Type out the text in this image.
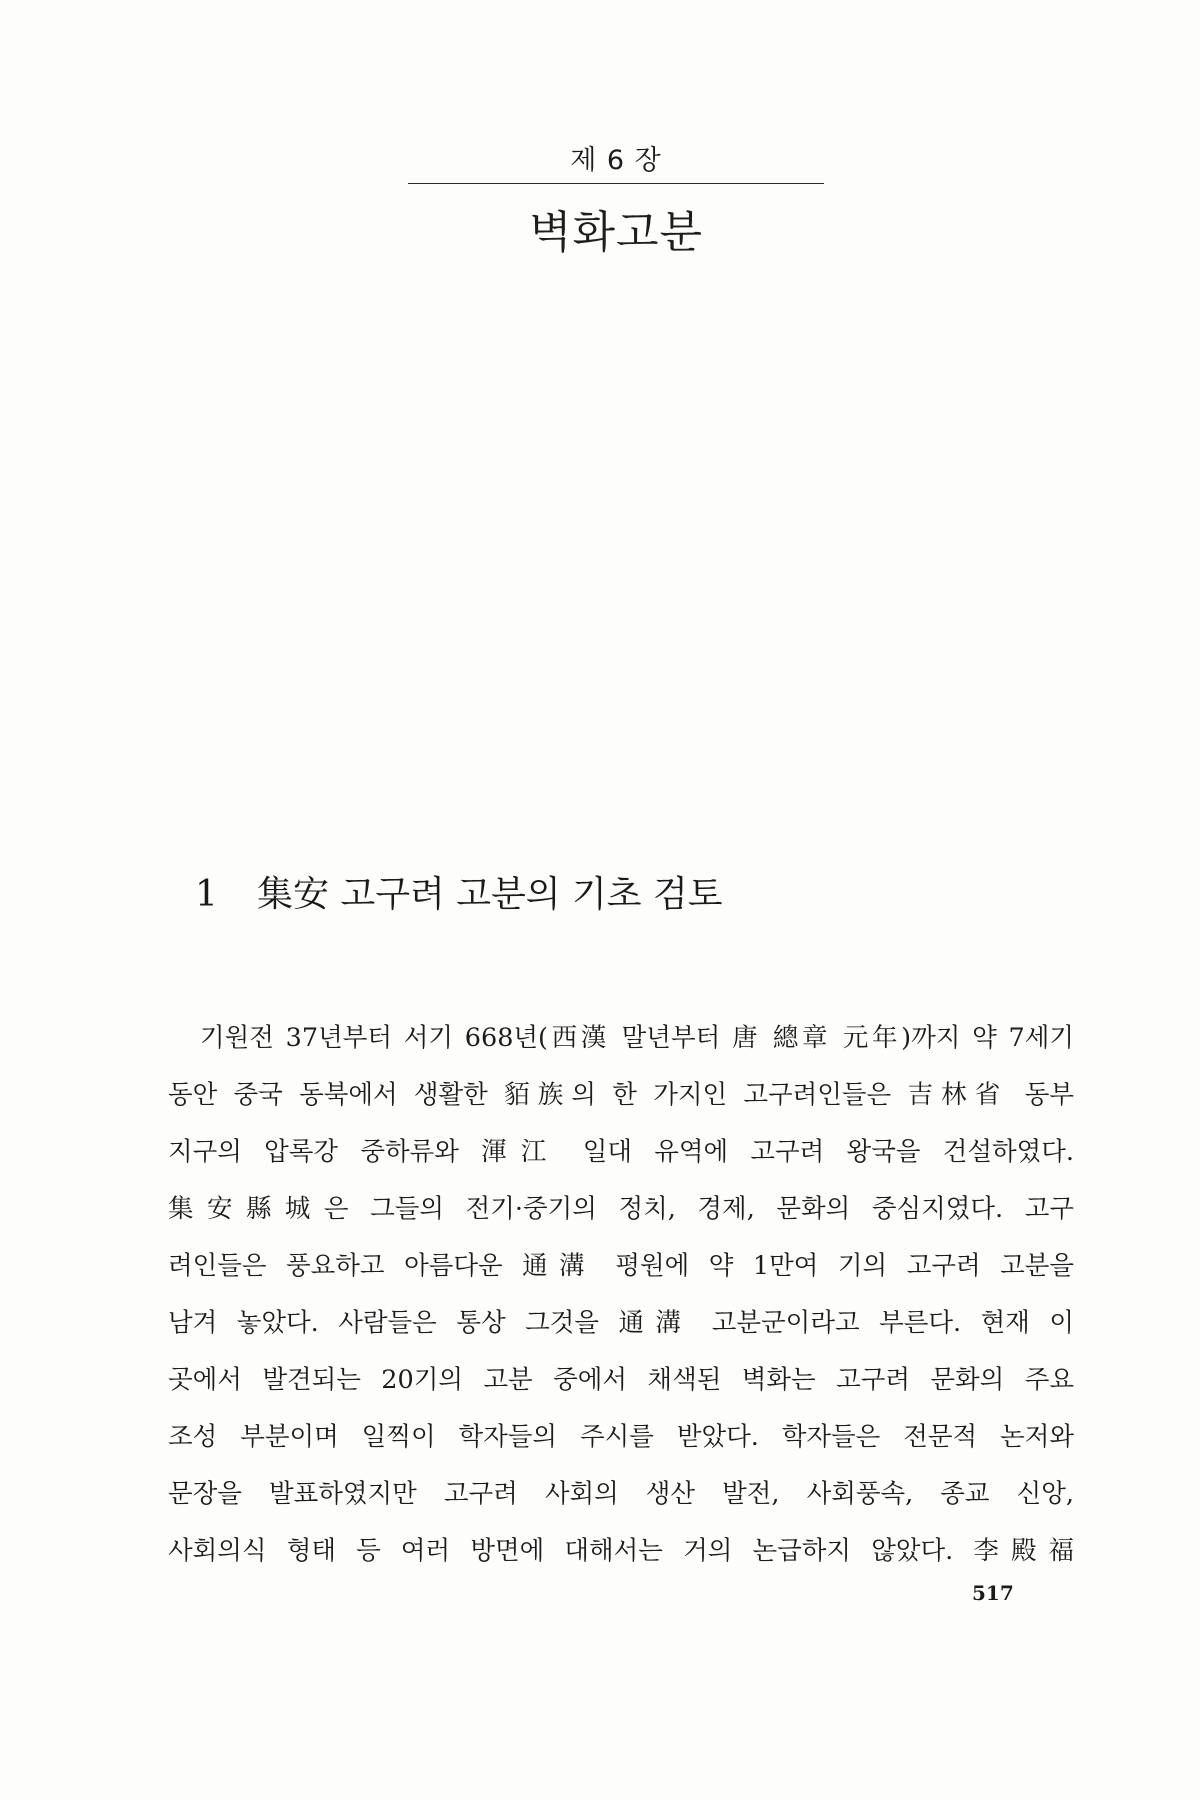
제 6 장
벽화고분
1 集安 고구려 고분의 기초 검토
기원전 37년부터 서기 668년(西漢 말년부터 唐 總章 元年)까지 약 7세기
동안 중국 동북에서 생활한 貊族의 한 가지인 고구려인들은 吉林省 동부
지구의 압록강 중하류와 渾江 일대 유역에 고구려 왕국을 건설하였다.
集安縣城은 그들의 전기·중기의 정치, 경제, 문화의 중심지였다. 고구
려인들은 풍요하고 아름다운 通溝 평원에 약 1만여 기의 고구려 고분을
남겨 놓았다. 사람들은 통상 그것을 通溝 고분군이라고 부른다. 현재 이
곳에서 발견되는 20기의 고분 중에서 채색된 벽화는 고구려 문화의 주요
조성 부분이며 일찍이 학자들의 주시를 받았다. 학자들은 전문적 논저와
문장을 발표하였지만 고구려 사회의 생산 발전, 사회풍속, 종교 신앙,
사회의식 형태 등 여러 방면에 대해서는 거의 논급하지 않았다. 李殿福
517
